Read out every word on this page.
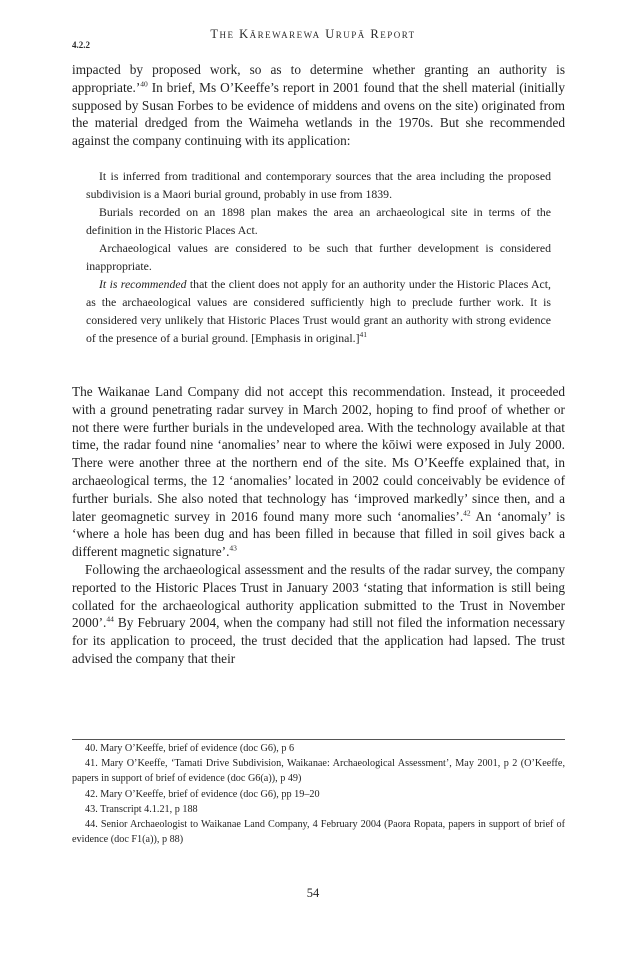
The Kārewarewa Urupā Report
4.2.2

impacted by proposed work, so as to determine whether granting an authority is appropriate.’$^{40}$ In brief, Ms O’Keeffe’s report in 2001 found that the shell material (initially supposed by Susan Forbes to be evidence of middens and ovens on the site) originated from the material dredged from the Waimeha wetlands in the 1970s. But she recommended against the company continuing with its application:

It is inferred from traditional and contemporary sources that the area including the proposed subdivision is a Maori burial ground, probably in use from 1839.

Burials recorded on an 1898 plan makes the area an archaeological site in terms of the definition in the Historic Places Act.

Archaeological values are considered to be such that further development is considered inappropriate.

It is recommended that the client does not apply for an authority under the Historic Places Act, as the archaeological values are considered sufficiently high to preclude further work. It is considered very unlikely that Historic Places Trust would grant an authority with strong evidence of the presence of a burial ground. [Emphasis in original.]$^{41}$

The Waikanae Land Company did not accept this recommendation. Instead, it proceeded with a ground penetrating radar survey in March 2002, hoping to find proof of whether or not there were further burials in the undeveloped area. With the technology available at that time, the radar found nine ‘anomalies’ near to where the kōiwi were exposed in July 2000. There were another three at the northern end of the site. Ms O’Keeffe explained that, in archaeological terms, the 12 ‘anomalies’ located in 2002 could conceivably be evidence of further burials. She also noted that technology has ‘improved markedly’ since then, and a later geomagnetic survey in 2016 found many more such ‘anomalies’.$^{42}$ An ‘anomaly’ is ‘where a hole has been dug and has been filled in because that filled in soil gives back a different magnetic signature’.$^{43}$

Following the archaeological assessment and the results of the radar survey, the company reported to the Historic Places Trust in January 2003 ‘stating that information is still being collated for the archaeological authority application submitted to the Trust in November 2000’.$^{44}$ By February 2004, when the company had still not filed the information necessary for its application to proceed, the trust decided that the application had lapsed. The trust advised the company that their

40. Mary O’Keeffe, brief of evidence (doc G6), p 6

41. Mary O’Keeffe, ‘Tamati Drive Subdivision, Waikanae: Archaeological Assessment’, May 2001, p 2 (O’Keeffe, papers in support of brief of evidence (doc G6(a)), p 49)

42. Mary O’Keeffe, brief of evidence (doc G6), pp 19–20

43. Transcript 4.1.21, p 188

44. Senior Archaeologist to Waikanae Land Company, 4 February 2004 (Paora Ropata, papers in support of brief of evidence (doc F1(a)), p 88)

54
